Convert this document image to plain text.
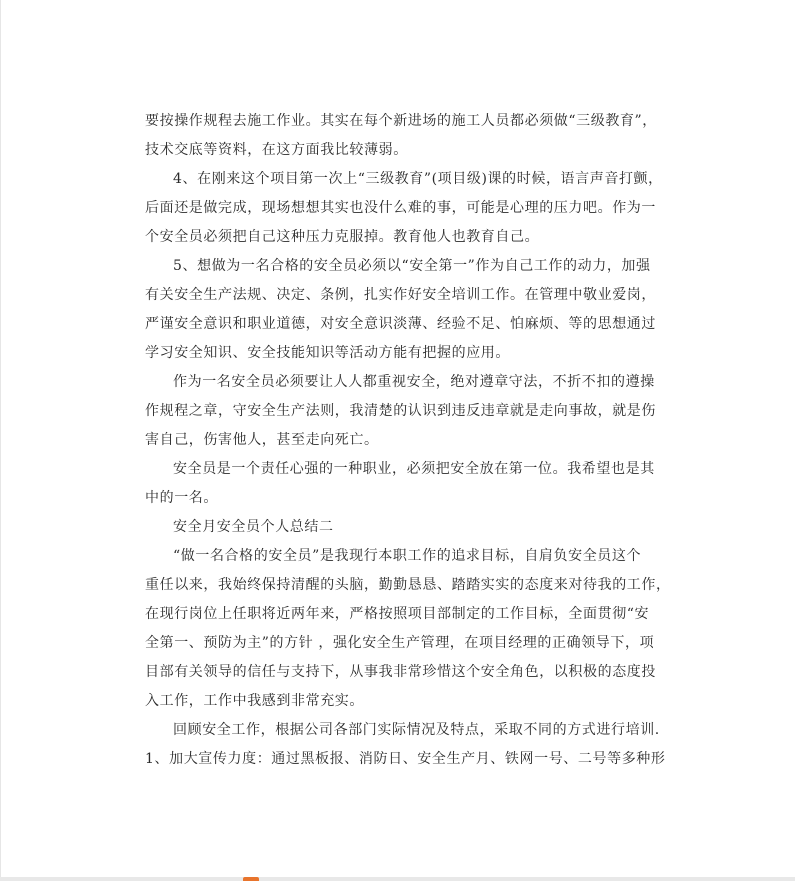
要按操作规程去施工作业。其实在每个新进场的施工人员都必须做“三级教育”，
技术交底等资料，在这方面我比较薄弱。
4、在刚来这个项目第一次上“三级教育”(项目级)课的时候，语言声音打颤，
后面还是做完成，现场想想其实也没什么难的事，可能是心理的压力吧。作为一
个安全员必须把自己这种压力克服掉。教育他人也教育自己。
5、想做为一名合格的安全员必须以“安全第一”作为自己工作的动力，加强
有关安全生产法规、决定、条例，扎实作好安全培训工作。在管理中敬业爱岗，
严谨安全意识和职业道德，对安全意识淡薄、经验不足、怕麻烦、等的思想通过
学习安全知识、安全技能知识等活动方能有把握的应用。
作为一名安全员必须要让人人都重视安全，绝对遵章守法，不折不扣的遵操
作规程之章，守安全生产法则，我清楚的认识到违反违章就是走向事故，就是伤
害自己，伤害他人，甚至走向死亡。
安全员是一个责任心强的一种职业，必须把安全放在第一位。我希望也是其
中的一名。
安全月安全员个人总结二
“做一名合格的安全员”是我现行本职工作的追求目标，自肩负安全员这个
重任以来，我始终保持清醒的头脑，勤勤恳恳、踏踏实实的态度来对待我的工作，
在现行岗位上任职将近两年来，严格按照项目部制定的工作目标，全面贯彻“安
全第一、预防为主”的方针 ，强化安全生产管理，在项目经理的正确领导下，项
目部有关领导的信任与支持下，从事我非常珍惜这个安全角色，以积极的态度投
入工作，工作中我感到非常充实。
回顾安全工作，根据公司各部门实际情况及特点，采取不同的方式进行培训.
1、加大宣传力度：通过黑板报、消防日、安全生产月、铁网一号、二号等多种形
